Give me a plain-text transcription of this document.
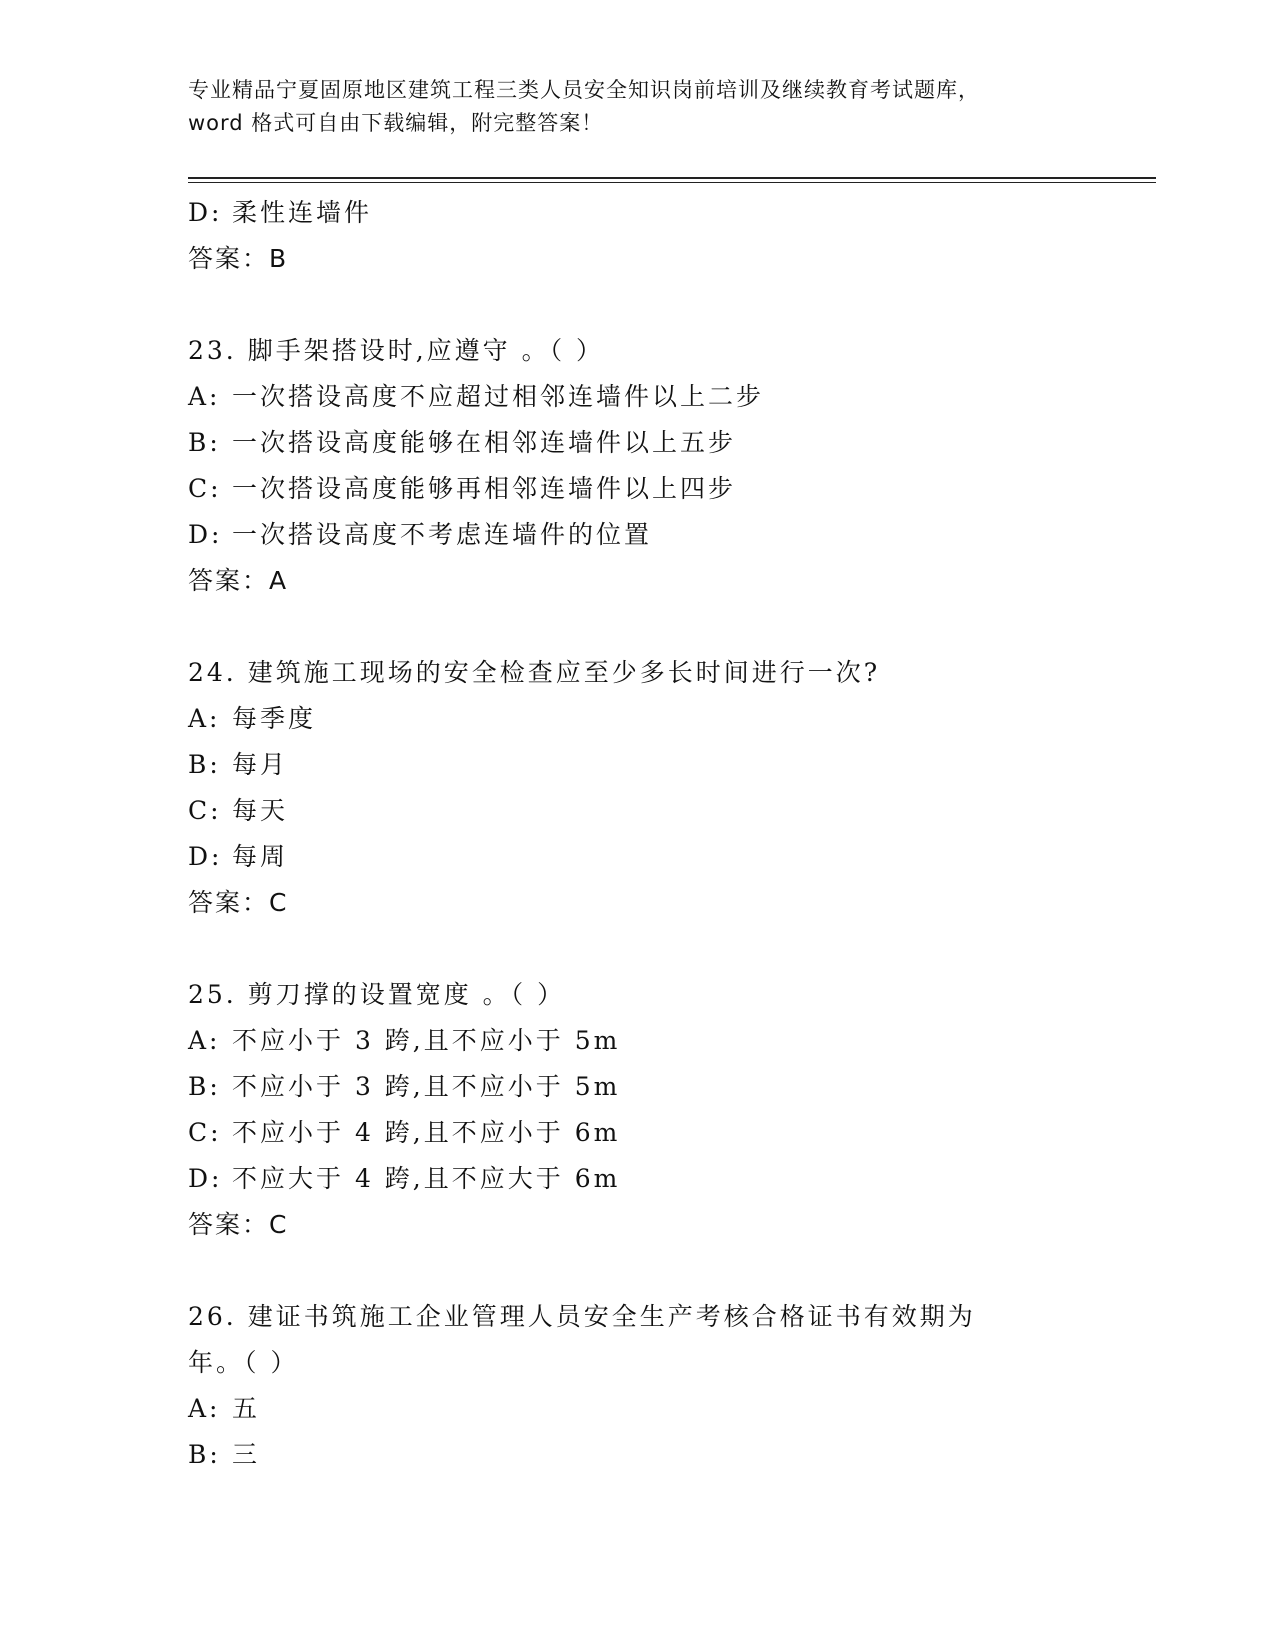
专业精品宁夏固原地区建筑工程三类人员安全知识岗前培训及继续教育考试题库，
word 格式可自由下载编辑，附完整答案！
D: 柔性连墙件
答案：B
23. 脚手架搭设时,应遵守 。（ ）
A: 一次搭设高度不应超过相邻连墙件以上二步
B: 一次搭设高度能够在相邻连墙件以上五步
C: 一次搭设高度能够再相邻连墙件以上四步
D: 一次搭设高度不考虑连墙件的位置
答案：A
24. 建筑施工现场的安全检查应至少多长时间进行一次?
A: 每季度
B: 每月
C: 每天
D: 每周
答案：C
25. 剪刀撑的设置宽度 。（ ）
A: 不应小于 3 跨,且不应小于 5m
B: 不应小于 3 跨,且不应小于 5m
C: 不应小于 4 跨,且不应小于 6m
D: 不应大于 4 跨,且不应大于 6m
答案：C
26. 建证书筑施工企业管理人员安全生产考核合格证书有效期为
年。（ ）
A: 五
B: 三
